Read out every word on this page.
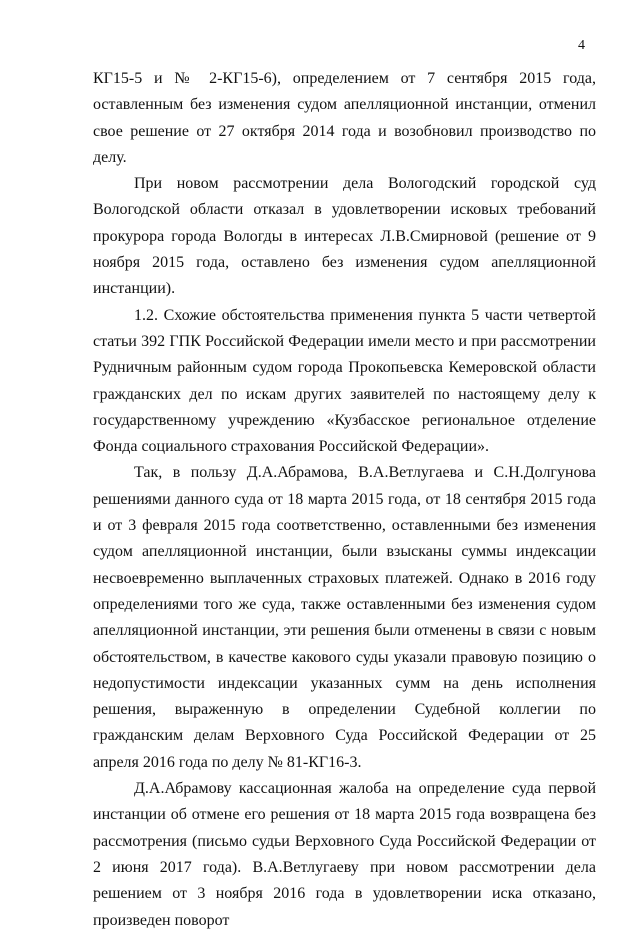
4

КГ15-5 и № 2-КГ15-6), определением от 7 сентября 2015 года, оставленным без изменения судом апелляционной инстанции, отменил свое решение от 27 октября 2014 года и возобновил производство по делу.

При новом рассмотрении дела Вологодский городской суд Вологодской области отказал в удовлетворении исковых требований прокурора города Вологды в интересах Л.В.Смирновой (решение от 9 ноября 2015 года, оставлено без изменения судом апелляционной инстанции).

1.2. Схожие обстоятельства применения пункта 5 части четвертой статьи 392 ГПК Российской Федерации имели место и при рассмотрении Рудничным районным судом города Прокопьевска Кемеровской области гражданских дел по искам других заявителей по настоящему делу к государственному учреждению «Кузбасское региональное отделение Фонда социального страхования Российской Федерации».

Так, в пользу Д.А.Абрамова, В.А.Ветлугаева и С.Н.Долгунова решениями данного суда от 18 марта 2015 года, от 18 сентября 2015 года и от 3 февраля 2015 года соответственно, оставленными без изменения судом апелляционной инстанции, были взысканы суммы индексации несвоевременно выплаченных страховых платежей. Однако в 2016 году определениями того же суда, также оставленными без изменения судом апелляционной инстанции, эти решения были отменены в связи с новым обстоятельством, в качестве какового суды указали правовую позицию о недопустимости индексации указанных сумм на день исполнения решения, выраженную в определении Судебной коллегии по гражданским делам Верховного Суда Российской Федерации от 25 апреля 2016 года по делу № 81-КГ16-3.

Д.А.Абрамову кассационная жалоба на определение суда первой инстанции об отмене его решения от 18 марта 2015 года возвращена без рассмотрения (письмо судьи Верховного Суда Российской Федерации от 2 июня 2017 года). В.А.Ветлугаеву при новом рассмотрении дела решением от 3 ноября 2016 года в удовлетворении иска отказано, произведен поворот
